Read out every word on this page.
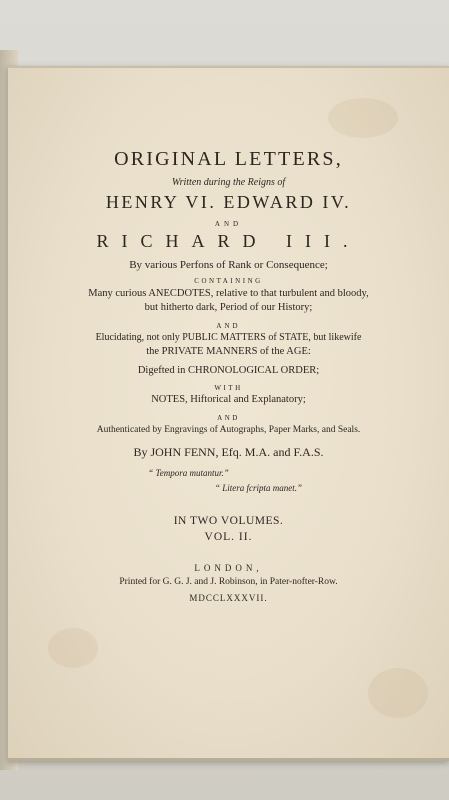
ORIGINAL LETTERS,
Written during the Reigns of
HENRY VI. EDWARD IV.
AND
RICHARD III.
By various Perfons of Rank or Consequence;
CONTAINING
Many curious ANECDOTES, relative to that turbulent and bloody,
but hitherto dark, Period of our History;
AND
Elucidating, not only PUBLIC MATTERS of STATE, but likewife
the PRIVATE MANNERS of the AGE:
Digefted in CHRONOLOGICAL ORDER;
WITH
NOTES, Hiftorical and Explanatory;
AND
Authenticated by Engravings of Autographs, Paper Marks, and Seals.
By JOHN FENN, Efq. M.A. and F.A.S.
“ Tempora mutantur.”
“ Litera fcripta manet.”
IN TWO VOLUMES.
VOL. II.
LONDON,
Printed for G. G. J. and J. Robinson, in Pater-nofter-Row.
MDCCLXXXVII.
